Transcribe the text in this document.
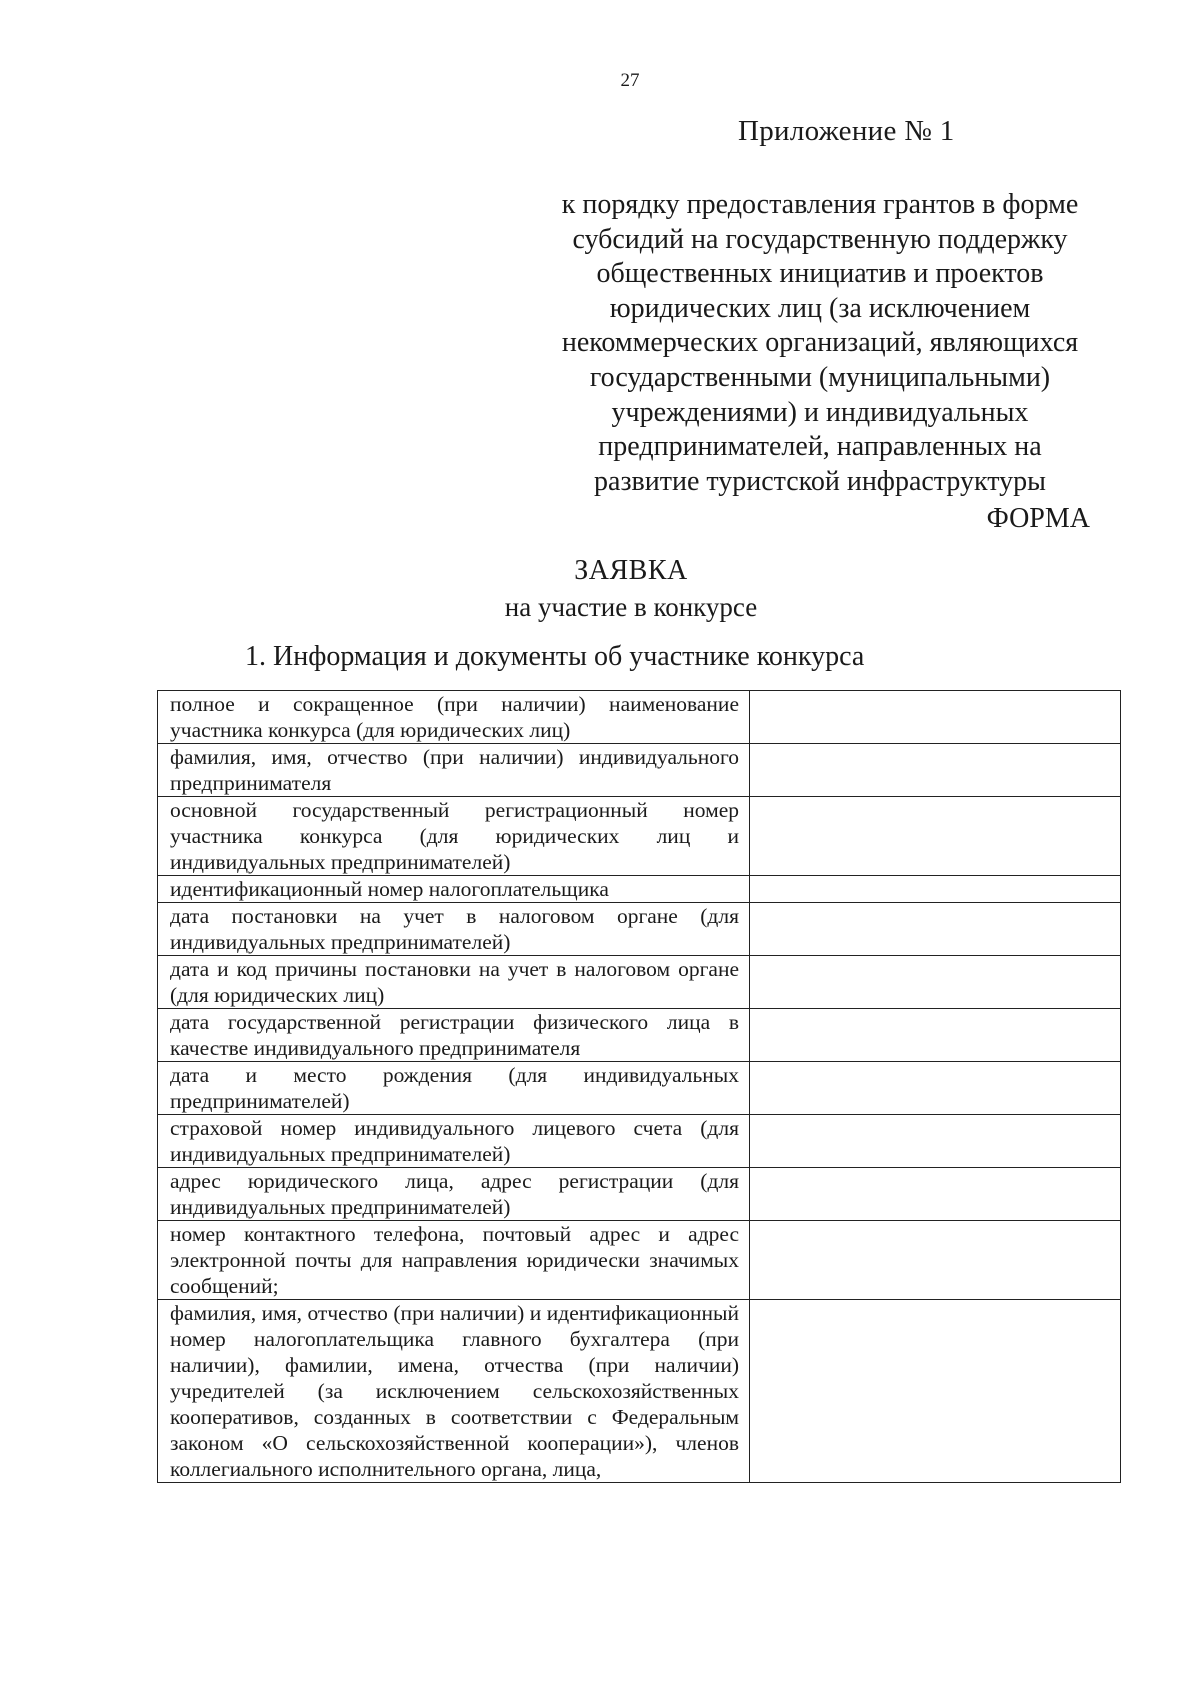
27
Приложение № 1
к порядку предоставления грантов в форме
субсидий на государственную поддержку
общественных инициатив и проектов
юридических лиц (за исключением
некоммерческих организаций, являющихся
государственными (муниципальными)
учреждениями) и индивидуальных
предпринимателей, направленных на
развитие туристской инфраструктуры
ФОРМА
ЗАЯВКА
на участие в конкурсе
1. Информация и документы об участнике конкурса
полное и сокращенное (при наличии) наименование участника конкурса (для юридических лиц)	
фамилия, имя, отчество (при наличии) индивидуального предпринимателя	
основной государственный регистрационный номер участника конкурса (для юридических лиц и индивидуальных предпринимателей)	
идентификационный номер налогоплательщика	
дата постановки на учет в налоговом органе (для индивидуальных предпринимателей)	
дата и код причины постановки на учет в налоговом органе (для юридических лиц)	
дата государственной регистрации физического лица в качестве индивидуального предпринимателя	
дата и место рождения (для индивидуальных предпринимателей)	
страховой номер индивидуального лицевого счета (для индивидуальных предпринимателей)	
адрес юридического лица, адрес регистрации (для индивидуальных предпринимателей)	
номер контактного телефона, почтовый адрес и адрес электронной почты для направления юридически значимых сообщений;	
фамилия, имя, отчество (при наличии) и идентификационный номер налогоплательщика главного бухгалтера (при наличии), фамилии, имена, отчества (при наличии) учредителей (за исключением сельскохозяйственных кооперативов, созданных в соответствии с Федеральным законом «О сельскохозяйственной кооперации»), членов коллегиального исполнительного органа, лица,	
